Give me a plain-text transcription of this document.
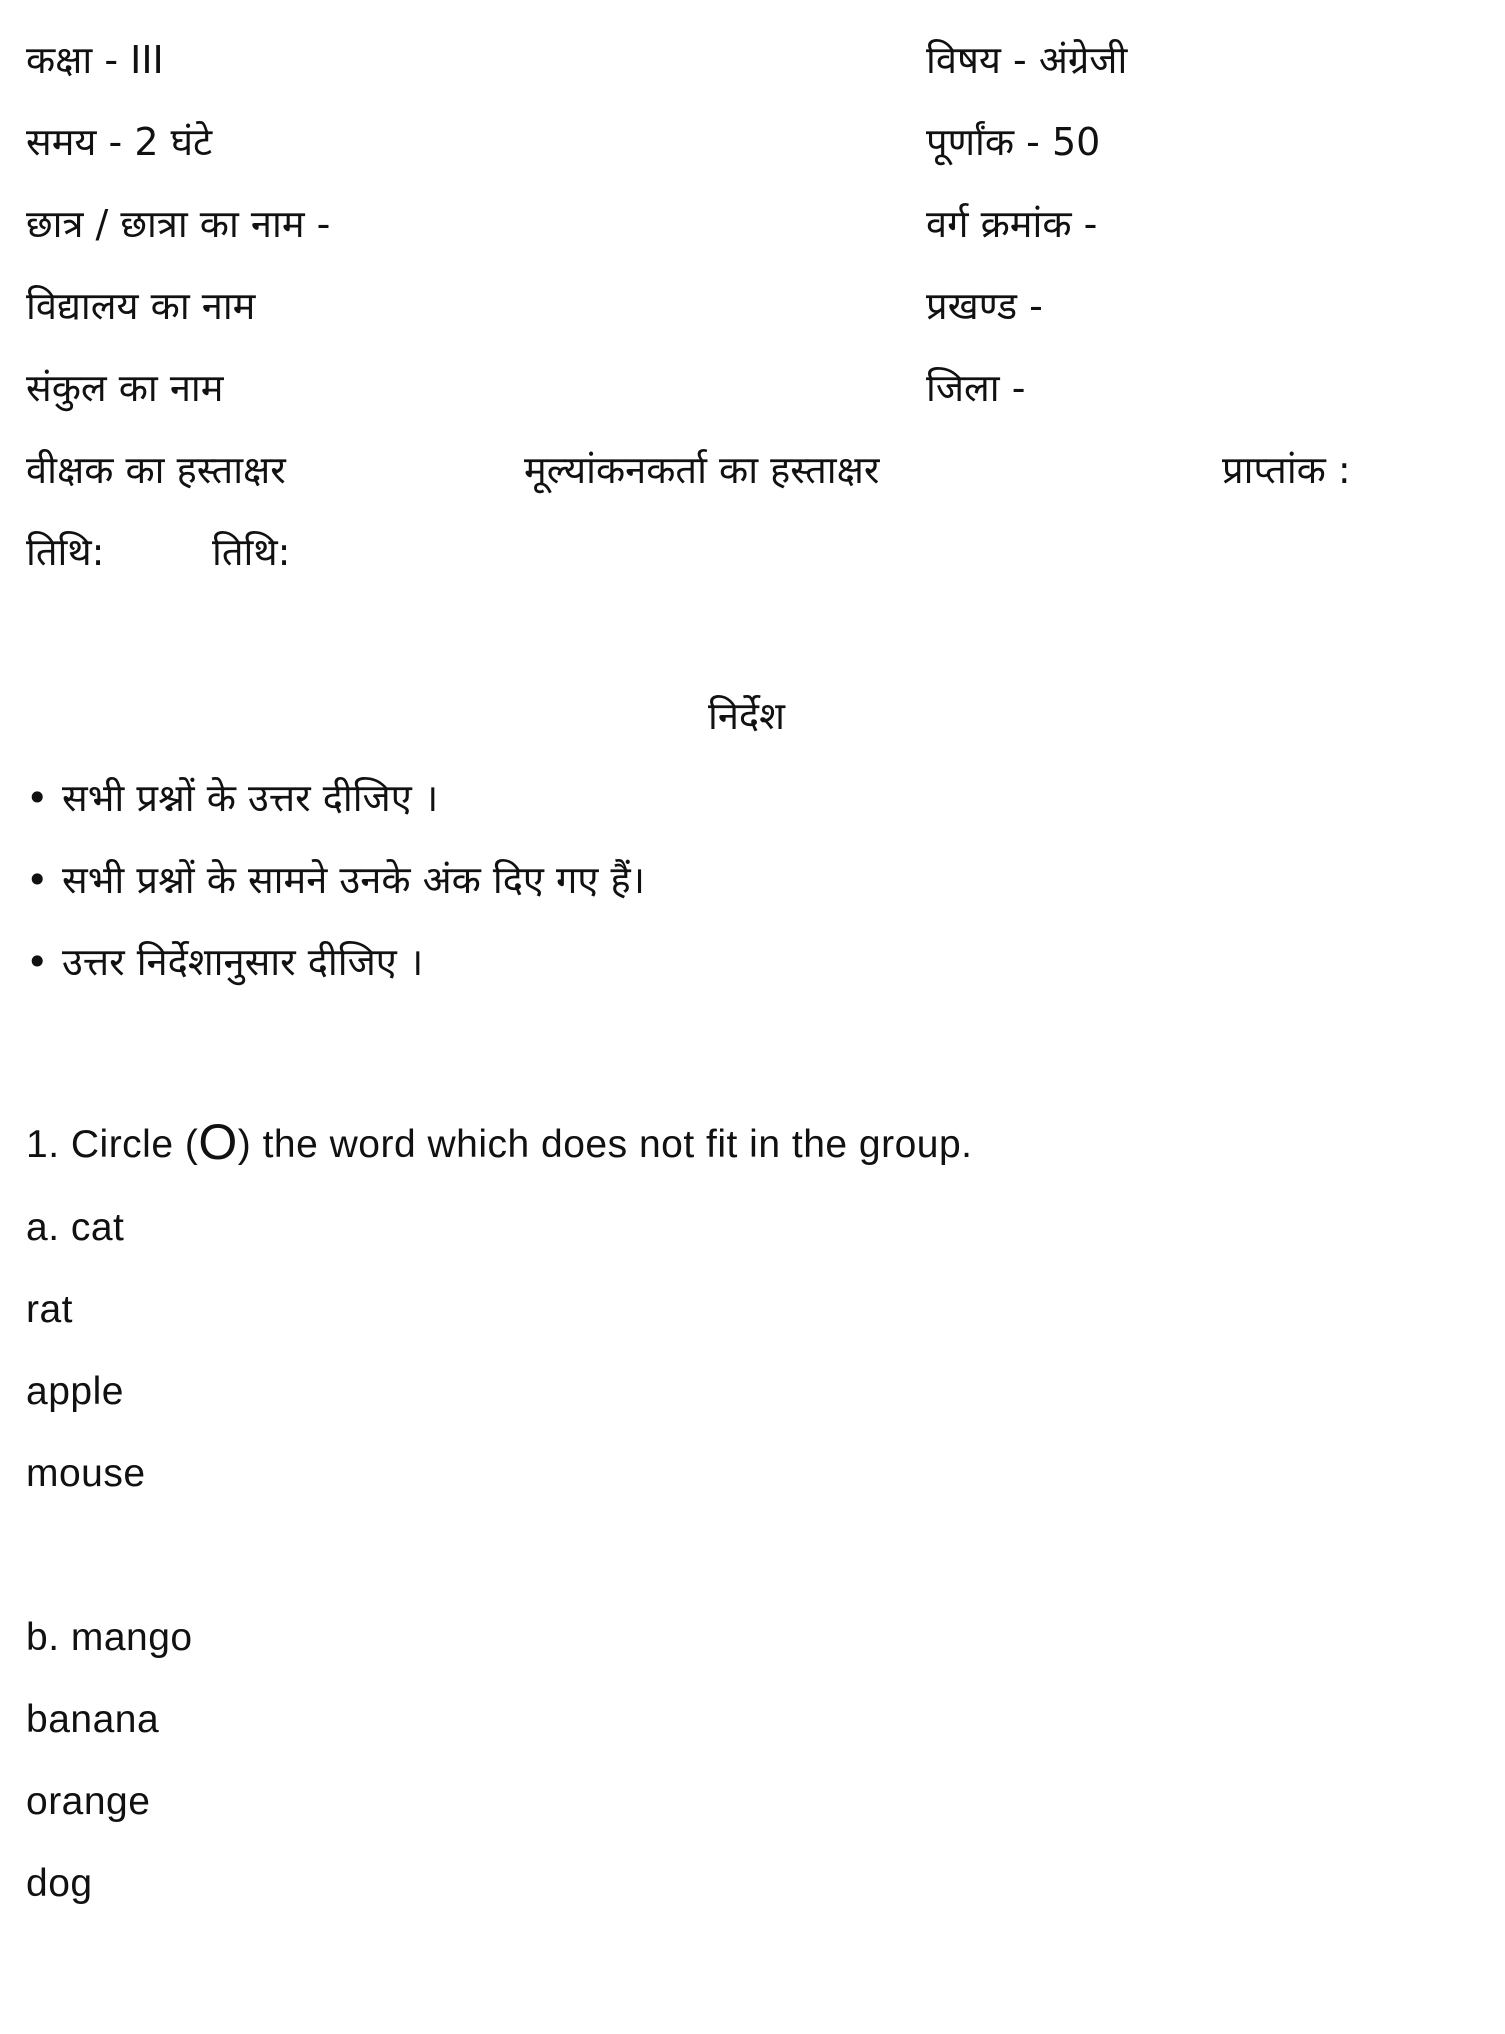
कक्षा - III	विषय - अंग्रेजी
समय - 2 घंटे	पूर्णांक - 50
छात्र / छात्रा का नाम -	वर्ग क्रमांक -
विद्यालय का नाम	प्रखण्ड -
संकुल का नाम	जिला -
वीक्षक का हस्ताक्षर	मूल्यांकनकर्ता का हस्ताक्षर	प्राप्तांक :
तिथि:	तिथि:
निर्देश
• सभी प्रश्नों के उत्तर दीजिए ।
• सभी प्रश्नों के सामने उनके अंक दिए गए हैं।
• उत्तर निर्देशानुसार दीजिए ।
1. Circle (O) the word which does not fit in the group.
a. cat
rat
apple
mouse
b. mango
banana
orange
dog
